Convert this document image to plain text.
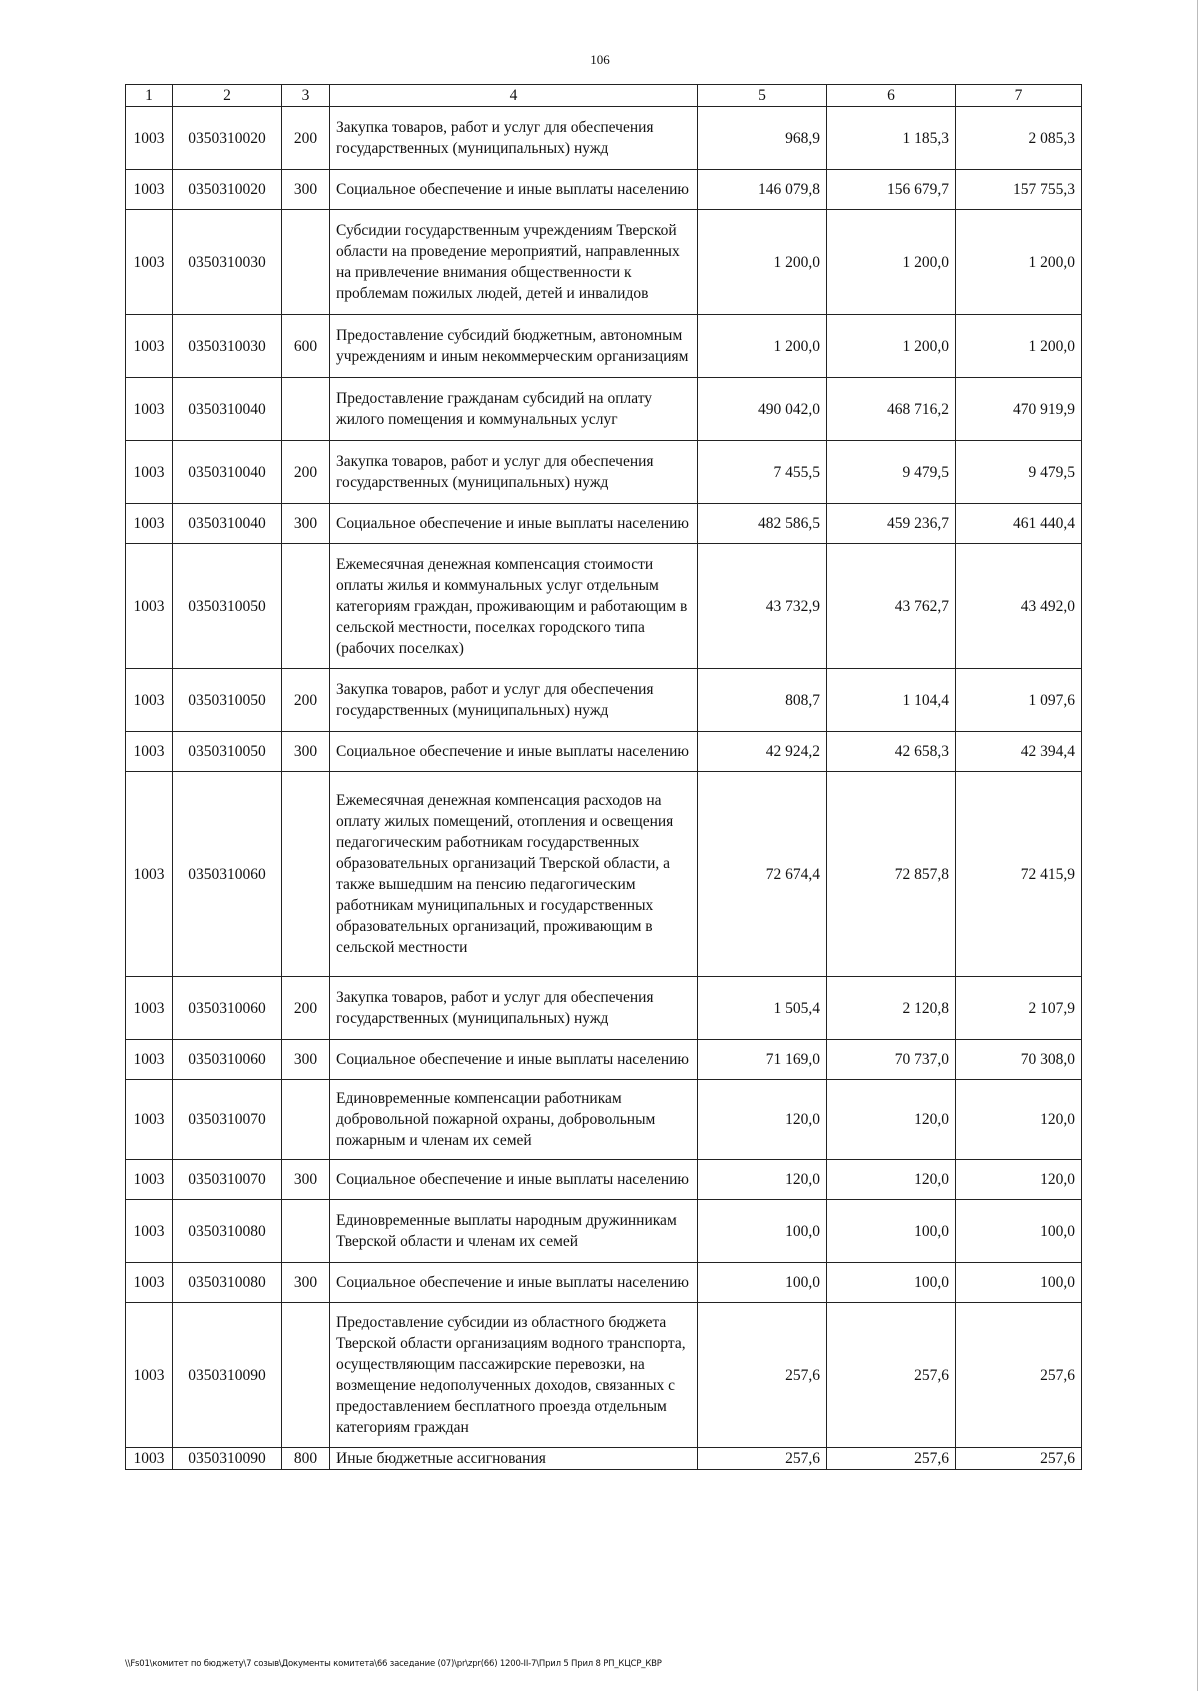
106
1	2	3	4	5	6	7
1003	0350310020	200	Закупка товаров, работ и услуг для обеспечения государственных (муниципальных) нужд	968,9	1 185,3	2 085,3
1003	0350310020	300	Социальное обеспечение и иные выплаты населению	146 079,8	156 679,7	157 755,3
1003	0350310030		Субсидии государственным учреждениям Тверской области на проведение мероприятий, направленных на привлечение внимания общественности к проблемам пожилых людей, детей и инвалидов	1 200,0	1 200,0	1 200,0
1003	0350310030	600	Предоставление субсидий бюджетным, автономным учреждениям и иным некоммерческим организациям	1 200,0	1 200,0	1 200,0
1003	0350310040		Предоставление гражданам субсидий на оплату жилого помещения и коммунальных услуг	490 042,0	468 716,2	470 919,9
1003	0350310040	200	Закупка товаров, работ и услуг для обеспечения государственных (муниципальных) нужд	7 455,5	9 479,5	9 479,5
1003	0350310040	300	Социальное обеспечение и иные выплаты населению	482 586,5	459 236,7	461 440,4
1003	0350310050		Ежемесячная денежная компенсация стоимости оплаты жилья и коммунальных услуг отдельным категориям граждан, проживающим и работающим в сельской местности, поселках городского типа (рабочих поселках)	43 732,9	43 762,7	43 492,0
1003	0350310050	200	Закупка товаров, работ и услуг для обеспечения государственных (муниципальных) нужд	808,7	1 104,4	1 097,6
1003	0350310050	300	Социальное обеспечение и иные выплаты населению	42 924,2	42 658,3	42 394,4
1003	0350310060		Ежемесячная денежная компенсация расходов на оплату жилых помещений, отопления и освещения педагогическим работникам государственных образовательных организаций Тверской области, а также вышедшим на пенсию педагогическим работникам муниципальных и государственных образовательных организаций, проживающим в сельской местности	72 674,4	72 857,8	72 415,9
1003	0350310060	200	Закупка товаров, работ и услуг для обеспечения государственных (муниципальных) нужд	1 505,4	2 120,8	2 107,9
1003	0350310060	300	Социальное обеспечение и иные выплаты населению	71 169,0	70 737,0	70 308,0
1003	0350310070		Единовременные компенсации работникам добровольной пожарной охраны, добровольным пожарным и членам их семей	120,0	120,0	120,0
1003	0350310070	300	Социальное обеспечение и иные выплаты населению	120,0	120,0	120,0
1003	0350310080		Единовременные выплаты народным дружинникам Тверской области и членам их семей	100,0	100,0	100,0
1003	0350310080	300	Социальное обеспечение и иные выплаты населению	100,0	100,0	100,0
1003	0350310090		Предоставление субсидии из областного бюджета Тверской области организациям водного транспорта, осуществляющим пассажирские перевозки, на возмещение недополученных доходов, связанных с предоставлением бесплатного проезда отдельным категориям граждан	257,6	257,6	257,6
1003	0350310090	800	Иные бюджетные ассигнования	257,6	257,6	257,6
\\Fs01\комитет по бюджету\7 созыв\Документы комитета\66 заседание (07)\pr\zpr(66) 1200-II-7\Прил 5 Прил 8 РП_КЦСР_КВР
